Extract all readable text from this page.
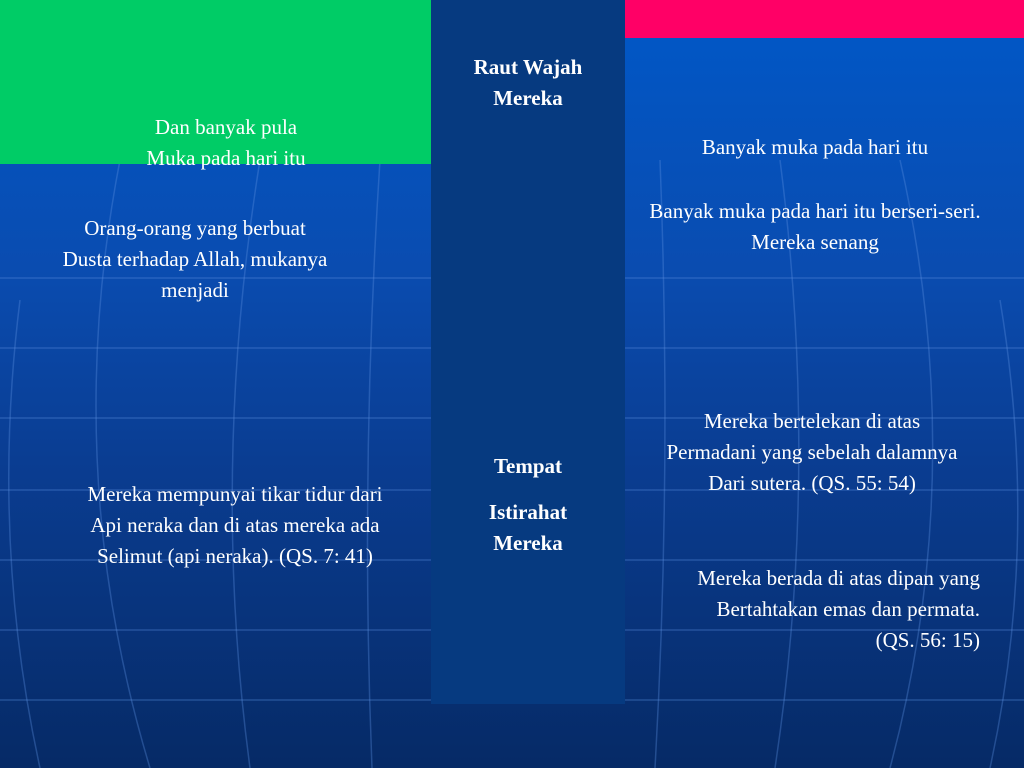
Raut Wajah
Mereka
Tempat
Istirahat
Mereka
Dan banyak pula
Muka pada hari itu
Orang-orang yang berbuat
Dusta terhadap Allah, mukanya
menjadi
Mereka mempunyai tikar tidur dari
Api neraka dan di atas mereka ada
Selimut (api neraka). (QS. 7: 41)
Banyak muka pada hari itu
Banyak muka pada hari itu berseri-seri.
Mereka senang
Mereka bertelekan di atas
Permadani yang sebelah dalamnya
Dari sutera. (QS. 55: 54)
Mereka berada di atas dipan yang
Bertahtakan emas dan permata.
(QS. 56: 15)
